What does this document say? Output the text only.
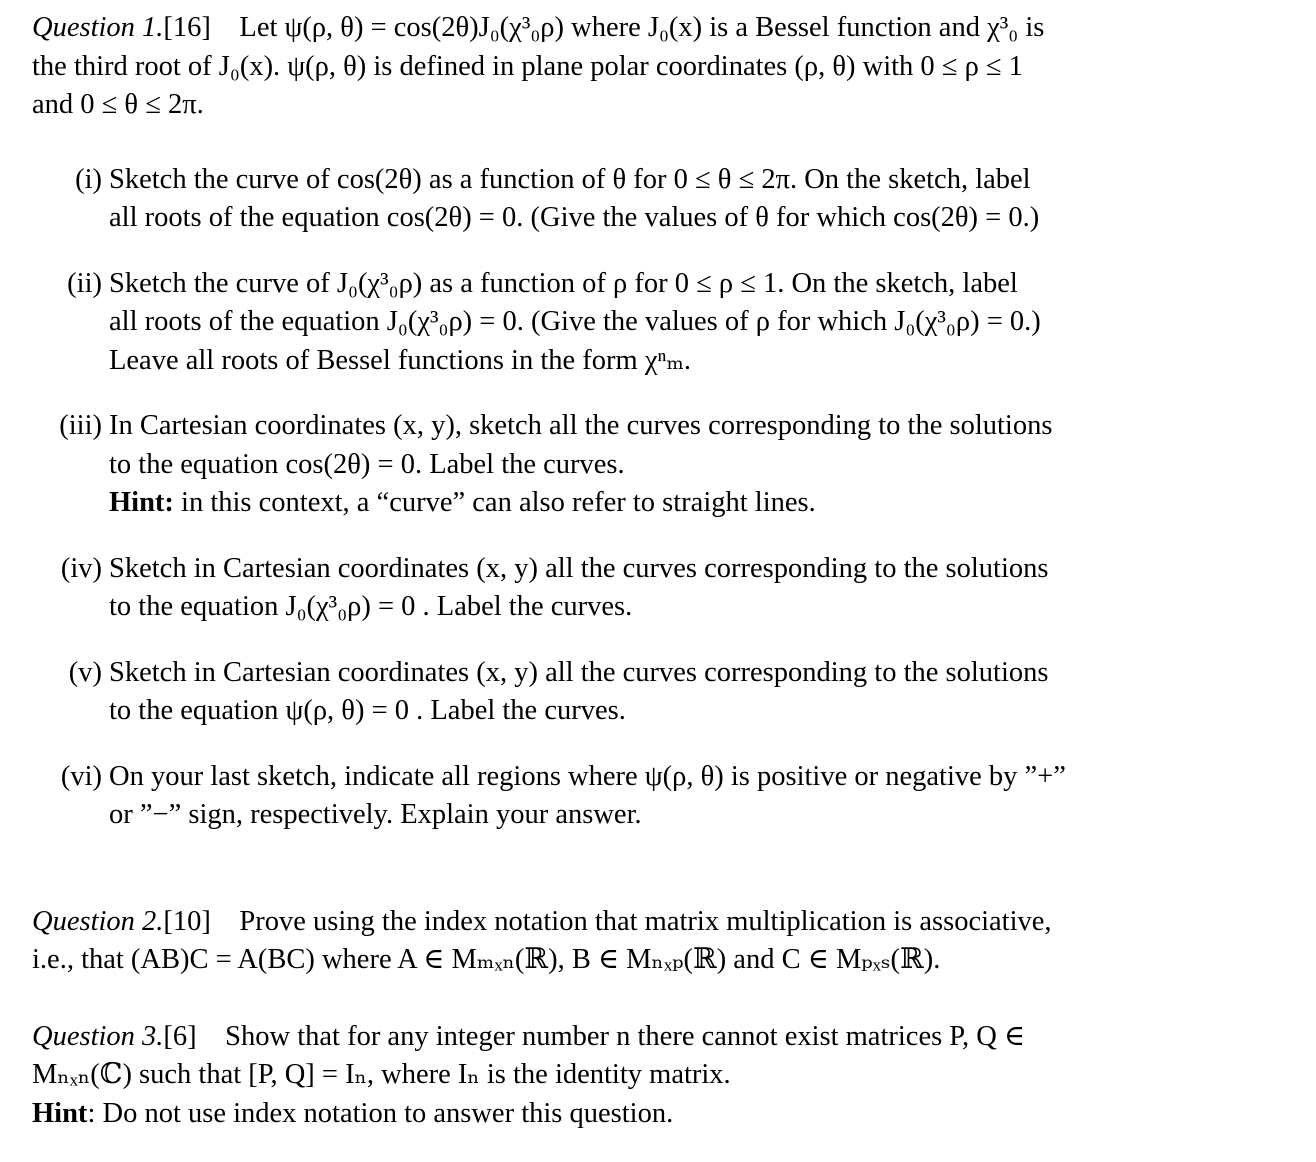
Question 1.[16] Let ψ(ρ, θ) = cos(2θ)J₀(χ³₀ρ) where J₀(x) is a Bessel function and χ³₀ is
the third root of J₀(x). ψ(ρ, θ) is defined in plane polar coordinates (ρ, θ) with 0 ≤ ρ ≤ 1
and 0 ≤ θ ≤ 2π.
(i) Sketch the curve of cos(2θ) as a function of θ for 0 ≤ θ ≤ 2π. On the sketch, label
all roots of the equation cos(2θ) = 0. (Give the values of θ for which cos(2θ) = 0.)
(ii) Sketch the curve of J₀(χ³₀ρ) as a function of ρ for 0 ≤ ρ ≤ 1. On the sketch, label
all roots of the equation J₀(χ³₀ρ) = 0. (Give the values of ρ for which J₀(χ³₀ρ) = 0.)
Leave all roots of Bessel functions in the form χⁿₘ.
(iii) In Cartesian coordinates (x, y), sketch all the curves corresponding to the solutions
to the equation cos(2θ) = 0. Label the curves.
Hint: in this context, a “curve” can also refer to straight lines.
(iv) Sketch in Cartesian coordinates (x, y) all the curves corresponding to the solutions
to the equation J₀(χ³₀ρ) = 0 . Label the curves.
(v) Sketch in Cartesian coordinates (x, y) all the curves corresponding to the solutions
to the equation ψ(ρ, θ) = 0 . Label the curves.
(vi) On your last sketch, indicate all regions where ψ(ρ, θ) is positive or negative by ”+”
or ”−” sign, respectively. Explain your answer.
Question 2.[10] Prove using the index notation that matrix multiplication is associative,
i.e., that (AB)C = A(BC) where A ∈ Mₘₓₙ(ℝ), B ∈ Mₙₓₚ(ℝ) and C ∈ Mₚₓₛ(ℝ).
Question 3.[6] Show that for any integer number n there cannot exist matrices P, Q ∈
Mₙₓₙ(ℂ) such that [P, Q] = Iₙ, where Iₙ is the identity matrix.
Hint: Do not use index notation to answer this question.
